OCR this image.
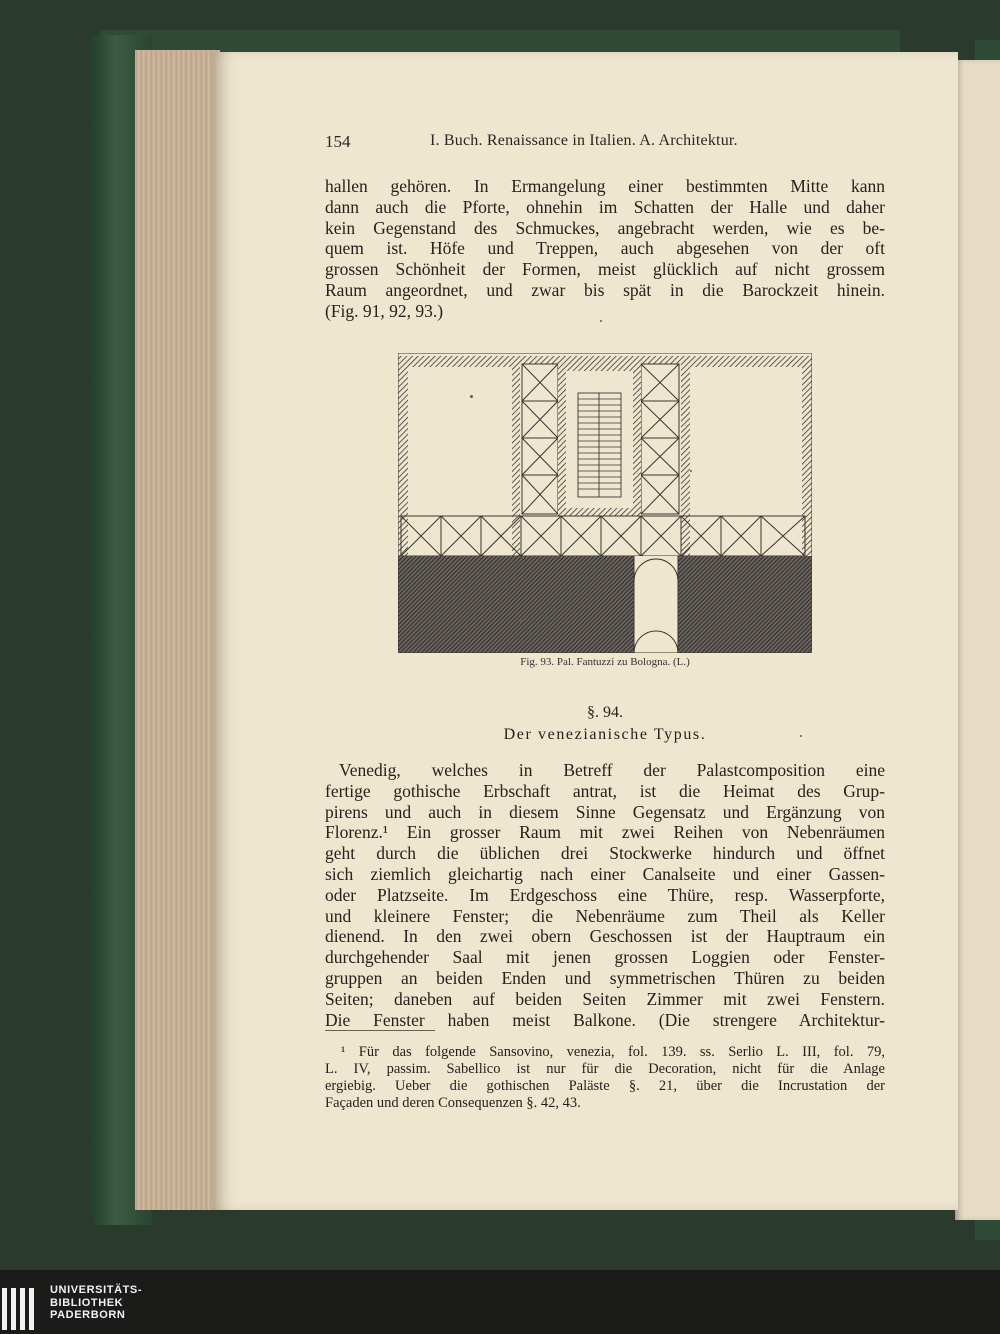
154	I. Buch. Renaissance in Italien. A. Architektur.
hallen gehören. In Ermangelung einer bestimmten Mitte kann
dann auch die Pforte, ohnehin im Schatten der Halle und daher
kein Gegenstand des Schmuckes, angebracht werden, wie es be-
quem ist. Höfe und Treppen, auch abgesehen von der oft
grossen Schönheit der Formen, meist glücklich auf nicht grossem
Raum angeordnet, und zwar bis spät in die Barockzeit hinein.
(Fig. 91, 92, 93.)
Fig. 93. Pal. Fantuzzi zu Bologna. (L.)
§. 94.
Der venezianische Typus.
Venedig, welches in Betreff der Palastcomposition eine
fertige gothische Erbschaft antrat, ist die Heimat des Grup-
pirens und auch in diesem Sinne Gegensatz und Ergänzung von
Florenz.¹ Ein grosser Raum mit zwei Reihen von Nebenräumen
geht durch die üblichen drei Stockwerke hindurch und öffnet
sich ziemlich gleichartig nach einer Canalseite und einer Gassen-
oder Platzseite. Im Erdgeschoss eine Thüre, resp. Wasserpforte,
und kleinere Fenster; die Nebenräume zum Theil als Keller
dienend. In den zwei obern Geschossen ist der Hauptraum ein
durchgehender Saal mit jenen grossen Loggien oder Fenster-
gruppen an beiden Enden und symmetrischen Thüren zu beiden
Seiten; daneben auf beiden Seiten Zimmer mit zwei Fenstern.
Die Fenster haben meist Balkone. (Die strengere Architektur-
¹ Für das folgende Sansovino, venezia, fol. 139. ss. Serlio L. III, fol. 79,
L. IV, passim. Sabellico ist nur für die Decoration, nicht für die Anlage
ergiebig. Ueber die gothischen Paläste §. 21, über die Incrustation der
Façaden und deren Consequenzen §. 42, 43.
UNIVERSITÄTS-
BIBLIOTHEK
PADERBORN
